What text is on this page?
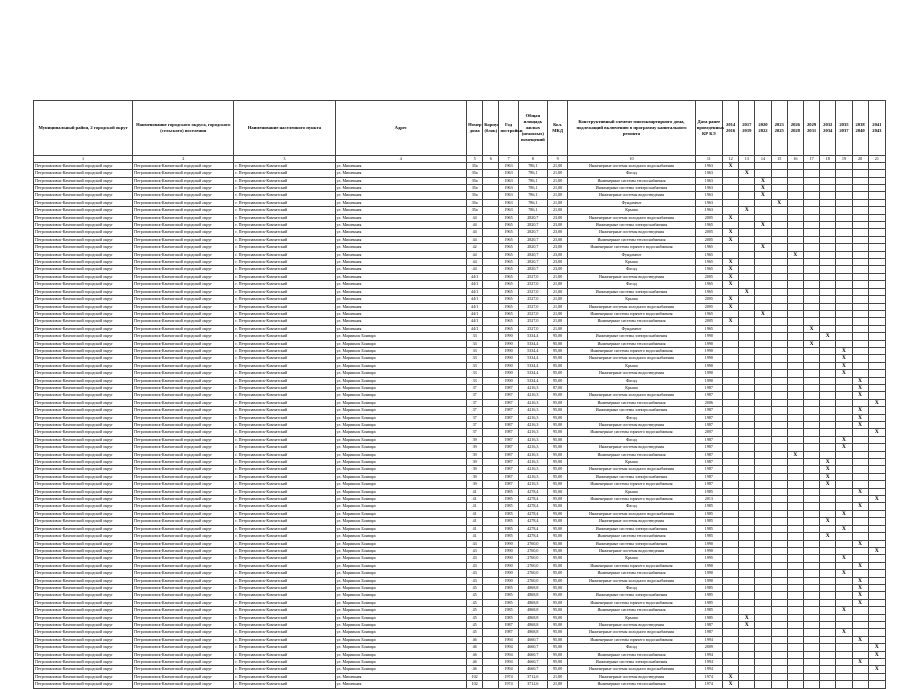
Муниципальный район, 2 городской округ	Наименование городского округа, городского (сельского) поселения	Наименование населенного пункта	Адрес	Номер дома	Корпус (блок)	Год постройки	Общая площадь жилых (нежилых) помещений	Кол. МКД	Конструктивный элемент многоквартирного дома, подлежащий включению в программу капитального ремонта	Дата ранее проведенных КР КЭ	2014 2016	2017 2019	2020 2022	2023 2025	2026 2028	2029 2031	2032 2034	2035 2037	2038 2040	2041 2043
1	2	3	4	5	6	7	8	9	10	11	12	13	14	15	16	17	18	19	20	21
Петропавловск-Камчатский городской округ	Петропавловск-Камчатский городской округ	г. Петропавловск-Камчатский	ул. Мишенная	35а		1963	786,1	21,00	Инженерные системы холодного водоснабжения	1963	X									
Петропавловск-Камчатский городской округ	Петропавловск-Камчатский городской округ	г. Петропавловск-Камчатский	ул. Мишенная	35а		1963	786,1	21,00	Фасад	1963		X								
Петропавловск-Камчатский городской округ	Петропавловск-Камчатский городской округ	г. Петропавловск-Камчатский	ул. Мишенная	35а		1963	786,1	21,00	Инженерные системы теплоснабжения	1963			X							
Петропавловск-Камчатский городской округ	Петропавловск-Камчатский городской округ	г. Петропавловск-Камчатский	ул. Мишенная	35а		1963	786,1	21,00	Инженерные системы электроснабжения	1963			X							
Петропавловск-Камчатский городской округ	Петропавловск-Камчатский городской округ	г. Петропавловск-Камчатский	ул. Мишенная	35а		1963	786,1	21,00	Инженерные системы водоотведения	1963			X							
Петропавловск-Камчатский городской округ	Петропавловск-Камчатский городской округ	г. Петропавловск-Камчатский	ул. Мишенная	35а		1963	786,1	21,00	Фундамент	1963				X						
Петропавловск-Камчатский городской округ	Петропавловск-Камчатский городской округ	г. Петропавловск-Камчатский	ул. Мишенная	35а		1963	786,1	21,00	Крыша	1963		X								
Петропавловск-Камчатский городской округ	Петропавловск-Камчатский городской округ	г. Петропавловск-Камчатский	ул. Мишенная	44		1965	2820,7	23,00	Инженерные системы холодного водоснабжения	2005	X									
Петропавловск-Камчатский городской округ	Петропавловск-Камчатский городской округ	г. Петропавловск-Камчатский	ул. Мишенная	44		1965	2820,7	23,00	Инженерные системы электроснабжения	1965			X							
Петропавловск-Камчатский городской округ	Петропавловск-Камчатский городской округ	г. Петропавловск-Камчатский	ул. Мишенная	44		1965	2820,7	23,00	Инженерные системы водоотведения	2005	X									
Петропавловск-Камчатский городской округ	Петропавловск-Камчатский городской округ	г. Петропавловск-Камчатский	ул. Мишенная	44		1965	2820,7	23,00	Инженерные системы теплоснабжения	2005	X									
Петропавловск-Камчатский городской округ	Петропавловск-Камчатский городской округ	г. Петропавловск-Камчатский	ул. Мишенная	42		1965	2820,7	23,00	Инженерные системы горячего водоснабжения	1965			X							
Петропавловск-Камчатский городской округ	Петропавловск-Камчатский городской округ	г. Петропавловск-Камчатский	ул. Мишенная	44		1965	2820,7	23,00	Фундамент	1965					X					
Петропавловск-Камчатский городской округ	Петропавловск-Камчатский городской округ	г. Петропавловск-Камчатский	ул. Мишенная	44		1965	2820,7	23,00	Крыша	1965	X									
Петропавловск-Камчатский городской округ	Петропавловск-Камчатский городской округ	г. Петропавловск-Камчатский	ул. Мишенная	44		1965	2820,7	23,00	Фасад	1965	X									
Петропавловск-Камчатский городской округ	Петропавловск-Камчатский городской округ	г. Петропавловск-Камчатский	ул. Мишенная	44/1		1965	2527,0	21,00	Инженерные системы водоотведения	2005	X									
Петропавловск-Камчатский городской округ	Петропавловск-Камчатский городской округ	г. Петропавловск-Камчатский	ул. Мишенная	44/1		1965	2527,0	21,00	Фасад	1965	X									
Петропавловск-Камчатский городской округ	Петропавловск-Камчатский городской округ	г. Петропавловск-Камчатский	ул. Мишенная	44/1		1965	2527,0	21,00	Инженерные системы электроснабжения	1965		X								
Петропавловск-Камчатский городской округ	Петропавловск-Камчатский городской округ	г. Петропавловск-Камчатский	ул. Мишенная	44/1		1965	2527,0	21,00	Крыша	2005	X									
Петропавловск-Камчатский городской округ	Петропавловск-Камчатский городской округ	г. Петропавловск-Камчатский	ул. Мишенная	44/1		1965	2527,0	21,00	Инженерные системы холодного водоснабжения	2005	X									
Петропавловск-Камчатский городской округ	Петропавловск-Камчатский городской округ	г. Петропавловск-Камчатский	ул. Мишенная	44/1		1965	2527,0	21,00	Инженерные системы горячего водоснабжения	1965			X							
Петропавловск-Камчатский городской округ	Петропавловск-Камчатский городской округ	г. Петропавловск-Камчатский	ул. Мишенная	44/1		1965	2527,0	21,00	Инженерные системы теплоснабжения	2005	X									
Петропавловск-Камчатский городской округ	Петропавловск-Камчатский городской округ	г. Петропавловск-Камчатский	ул. Мишенная	44/1		1965	2527,0	21,00	Фундамент	1965						X				
Петропавловск-Камчатский городской округ	Петропавловск-Камчатский городской округ	г. Петропавловск-Камчатский	ул. Мариинск Бонвара	33		1990	5334,4	95,00	Инженерные системы электроснабжения	1990							X			
Петропавловск-Камчатский городской округ	Петропавловск-Камчатский городской округ	г. Петропавловск-Камчатский	ул. Мариинск Бонвара	33		1990	5334,4	95,00	Инженерные системы теплоснабжения	1990						X				
Петропавловск-Камчатский городской округ	Петропавловск-Камчатский городской округ	г. Петропавловск-Камчатский	ул. Мариинск Бонвара	33		1990	5334,4	95,00	Инженерные системы горячего водоснабжения	1990								X		
Петропавловск-Камчатский городской округ	Петропавловск-Камчатский городской округ	г. Петропавловск-Камчатский	ул. Мариинск Бонвара	33		1990	5334,4	95,00	Инженерные системы холодного водоснабжения	1990								X		
Петропавловск-Камчатский городской округ	Петропавловск-Камчатский городской округ	г. Петропавловск-Камчатский	ул. Мариинск Бонвара	33		1990	5334,4	95,00	Крыша	1990								X		
Петропавловск-Камчатский городской округ	Петропавловск-Камчатский городской округ	г. Петропавловск-Камчатский	ул. Мариинск Бонвара	33		1990	5334,4	95,00	Инженерные системы водоотведения	1990								X		
Петропавловск-Камчатский городской округ	Петропавловск-Камчатский городской округ	г. Петропавловск-Камчатский	ул. Мариинск Бонвара	33		1990	5334,4	95,00	Фасад	1990									X	
Петропавловск-Камчатский городской округ	Петропавловск-Камчатский городской округ	г. Петропавловск-Камчатский	ул. Мариинск Бонвара	37		1987	4216,3	87,00	Крыша	1987									X	
Петропавловск-Камчатский городской округ	Петропавловск-Камчатский городской округ	г. Петропавловск-Камчатский	ул. Мариинск Бонвара	37		1987	4216,3	95,00	Инженерные системы холодного водоснабжения	1987									X	
Петропавловск-Камчатский городской округ	Петропавловск-Камчатский городской округ	г. Петропавловск-Камчатский	ул. Мариинск Бонвара	37		1987	4216,3	95,00	Инженерные системы теплоснабжения	2006										X
Петропавловск-Камчатский городской округ	Петропавловск-Камчатский городской округ	г. Петропавловск-Камчатский	ул. Мариинск Бонвара	37		1987	4216,3	95,00	Инженерные системы электроснабжения	1987									X	
Петропавловск-Камчатский городской округ	Петропавловск-Камчатский городской округ	г. Петропавловск-Камчатский	ул. Мариинск Бонвара	37		1987	4216,3	95,00	Фасад	1987									X	
Петропавловск-Камчатский городской округ	Петропавловск-Камчатский городской округ	г. Петропавловск-Камчатский	ул. Мариинск Бонвара	37		1987	4216,3	95,00	Инженерные системы водоотведения	1987									X	
Петропавловск-Камчатский городской округ	Петропавловск-Камчатский городской округ	г. Петропавловск-Камчатский	ул. Мариинск Бонвара	37		1987	4216,3	95,00	Инженерные системы горячего водоснабжения	2007										X
Петропавловск-Камчатский городской округ	Петропавловск-Камчатский городской округ	г. Петропавловск-Камчатский	ул. Мариинск Бонвара	39		1987	4216,3	95,00	Фасад	1987								X		
Петропавловск-Камчатский городской округ	Петропавловск-Камчатский городской округ	г. Петропавловск-Камчатский	ул. Мариинск Бонвара	39		1987	4216,3	95,00	Инженерные системы водоотведения	1987								X		
Петропавловск-Камчатский городской округ	Петропавловск-Камчатский городской округ	г. Петропавловск-Камчатский	ул. Мариинск Бонвара	39		1987	4216,3	95,00	Инженерные системы теплоснабжения	1987					X					
Петропавловск-Камчатский городской округ	Петропавловск-Камчатский городской округ	г. Петропавловск-Камчатский	ул. Мариинск Бонвара	39		1987	4216,3	95,00	Крыша	1987							X			
Петропавловск-Камчатский городской округ	Петропавловск-Камчатский городской округ	г. Петропавловск-Камчатский	ул. Мариинск Бонвара	39		1987	4216,3	95,00	Инженерные системы холодного водоснабжения	1987							X			
Петропавловск-Камчатский городской округ	Петропавловск-Камчатский городской округ	г. Петропавловск-Камчатский	ул. Мариинск Бонвара	39		1987	4216,3	95,00	Инженерные системы электроснабжения	1987							X			
Петропавловск-Камчатский городской округ	Петропавловск-Камчатский городской округ	г. Петропавловск-Камчатский	ул. Мариинск Бонвара	39		1987	4216,3	95,00	Инженерные системы горячего водоснабжения	1987							X			
Петропавловск-Камчатский городской округ	Петропавловск-Камчатский городской округ	г. Петропавловск-Камчатский	ул. Мариинск Бонвара	41		1985	4278,4	95,00	Крыша	1985									X	
Петропавловск-Камчатский городской округ	Петропавловск-Камчатский городской округ	г. Петропавловск-Камчатский	ул. Мариинск Бонвара	41		1985	4278,4	95,00	Инженерные системы горячего водоснабжения	2013										X
Петропавловск-Камчатский городской округ	Петропавловск-Камчатский городской округ	г. Петропавловск-Камчатский	ул. Мариинск Бонвара	41		1985	4278,4	95,00	Фасад	1985									X	
Петропавловск-Камчатский городской округ	Петропавловск-Камчатский городской округ	г. Петропавловск-Камчатский	ул. Мариинск Бонвара	41		1985	4278,4	95,00	Инженерные системы холодного водоснабжения	1985								X		
Петропавловск-Камчатский городской округ	Петропавловск-Камчатский городской округ	г. Петропавловск-Камчатский	ул. Мариинск Бонвара	41		1985	4278,4	95,00	Инженерные системы водоотведения	1985							X			
Петропавловск-Камчатский городской округ	Петропавловск-Камчатский городской округ	г. Петропавловск-Камчатский	ул. Мариинск Бонвара	41		1985	4278,4	95,00	Инженерные системы электроснабжения	1985								X		
Петропавловск-Камчатский городской округ	Петропавловск-Камчатский городской округ	г. Петропавловск-Камчатский	ул. Мариинск Бонвара	41		1985	4278,4	95,00	Инженерные системы теплоснабжения	1985							X			
Петропавловск-Камчатский городской округ	Петропавловск-Камчатский городской округ	г. Петропавловск-Камчатский	ул. Мариинск Бонвара	43		1990	2760,0	95,00	Инженерные системы электроснабжения	1990									X	
Петропавловск-Камчатский городской округ	Петропавловск-Камчатский городской округ	г. Петропавловск-Камчатский	ул. Мариинск Бонвара	43		1990	2760,0	95,00	Инженерные системы водоотведения	1990										X
Петропавловск-Камчатский городской округ	Петропавловск-Камчатский городской округ	г. Петропавловск-Камчатский	ул. Мариинск Бонвара	43		1990	2760,0	95,00	Крыша	1995								X		
Петропавловск-Камчатский городской округ	Петропавловск-Камчатский городской округ	г. Петропавловск-Камчатский	ул. Мариинск Бонвара	43		1990	2760,0	95,00	Инженерные системы горячего водоснабжения	1990									X	
Петропавловск-Камчатский городской округ	Петропавловск-Камчатский городской округ	г. Петропавловск-Камчатский	ул. Мариинск Бонвара	43		1990	2760,0	95,00	Инженерные системы теплоснабжения	1990								X		
Петропавловск-Камчатский городской округ	Петропавловск-Камчатский городской округ	г. Петропавловск-Камчатский	ул. Мариинск Бонвара	43		1990	2760,0	95,00	Инженерные системы холодного водоснабжения	1990									X	
Петропавловск-Камчатский городской округ	Петропавловск-Камчатский городской округ	г. Петропавловск-Камчатский	ул. Мариинск Бонвара	45		1985	4868,8	95,00	Фасад	1985									X	
Петропавловск-Камчатский городской округ	Петропавловск-Камчатский городской округ	г. Петропавловск-Камчатский	ул. Мариинск Бонвара	45		1985	4868,8	95,00	Инженерные системы электроснабжения	1985									X	
Петропавловск-Камчатский городской округ	Петропавловск-Камчатский городской округ	г. Петропавловск-Камчатский	ул. Мариинск Бонвара	45		1985	4868,8	95,00	Инженерные системы горячего водоснабжения	1985									X	
Петропавловск-Камчатский городской округ	Петропавловск-Камчатский городской округ	г. Петропавловск-Камчатский	ул. Мариинск Бонвара	45		1985	4868,8	95,00	Инженерные системы теплоснабжения	1985								X		
Петропавловск-Камчатский городской округ	Петропавловск-Камчатский городской округ	г. Петропавловск-Камчатский	ул. Мариинск Бонвара	45		1985	4868,8	95,00	Крыша	1985		X								
Петропавловск-Камчатский городской округ	Петропавловск-Камчатский городской округ	г. Петропавловск-Камчатский	ул. Мариинск Бонвара	45		1987	4868,8	95,00	Инженерные системы водоотведения	1987		X								
Петропавловск-Камчатский городской округ	Петропавловск-Камчатский городской округ	г. Петропавловск-Камчатский	ул. Мариинск Бонвара	45		1987	4868,8	95,00	Инженерные системы холодного водоснабжения	1987								X		
Петропавловск-Камчатский городской округ	Петропавловск-Камчатский городской округ	г. Петропавловск-Камчатский	ул. Мариинск Бонвара	46		1994	4660,7	95,00	Инженерные системы горячего водоснабжения	1994									X	
Петропавловск-Камчатский городской округ	Петропавловск-Камчатский городской округ	г. Петропавловск-Камчатский	ул. Мариинск Бонвара	46		1994	4660,7	95,00	Фасад	2009										X
Петропавловск-Камчатский городской округ	Петропавловск-Камчатский городской округ	г. Петропавловск-Камчатский	ул. Мариинск Бонвара	46		1994	4660,7	95,00	Инженерные системы теплоснабжения	1994										X
Петропавловск-Камчатский городской округ	Петропавловск-Камчатский городской округ	г. Петропавловск-Камчатский	ул. Мариинск Бонвара	46		1994	4660,7	95,00	Инженерные системы электроснабжения	1994									X	
Петропавловск-Камчатский городской округ	Петропавловск-Камчатский городской округ	г. Петропавловск-Камчатский	ул. Мариинск Бонвара	46		1994	4660,7	95,00	Инженерные системы холодного водоснабжения	1994										X
Петропавловск-Камчатский городской округ	Петропавловск-Камчатский городской округ	г. Петропавловск-Камчатский	ул. Мишенная	102		1974	3712,6	21,00	Инженерные системы водоотведения	1974	X									
Петропавловск-Камчатский городской округ	Петропавловск-Камчатский городской округ	г. Петропавловск-Камчатский	ул. Мишенная	102		1974	3712,6	21,00	Инженерные системы теплоснабжения	1974	X									
